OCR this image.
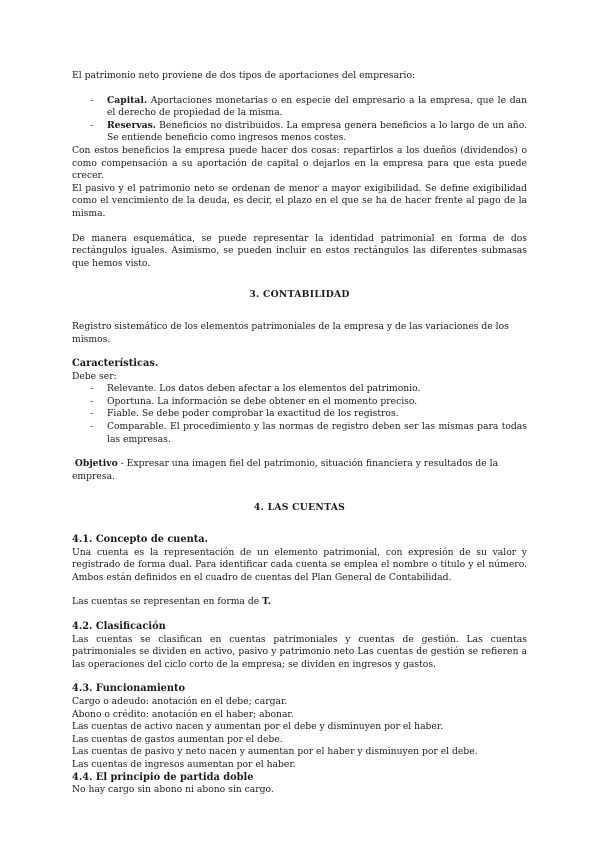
El patrimonio neto proviene de dos tipos de aportaciones del empresario:

- Capital. Aportaciones monetarias o en especie del empresario a la empresa, que le dan el derecho de propiedad de la misma.
- Reservas. Beneficios no distribuidos. La empresa genera beneficios a lo largo de un año. Se entiende beneficio como ingresos menos costes.

Con estos beneficios la empresa puede hacer dos cosas: repartirlos a los dueños (dividendos) o como compensación a su aportación de capital o dejarlos en la empresa para que esta puede crecer.

El pasivo y el patrimonio neto se ordenan de menor a mayor exigibilidad. Se define exigibilidad como el vencimiento de la deuda, es decir, el plazo en el que se ha de hacer frente al pago de la misma.

De manera esquemática, se puede representar la identidad patrimonial en forma de dos rectángulos iguales. Asimismo, se pueden incluir en estos rectángulos las diferentes submasas que hemos visto.

3. CONTABILIDAD

Registro sistemático de los elementos patrimoniales de la empresa y de las variaciones de los mismos.

Características.

Debe ser:

- Relevante. Los datos deben afectar a los elementos del patrimonio.
- Oportuna. La información se debe obtener en el momento preciso.
- Fiable. Se debe poder comprobar la exactitud de los registros.
- Comparable. El procedimiento y las normas de registro deben ser las mismas para todas las empresas.

Objetivo - Expresar una imagen fiel del patrimonio, situación financiera y resultados de la empresa.

4. LAS CUENTAS

4.1. Concepto de cuenta.

Una cuenta es la representación de un elemento patrimonial, con expresión de su valor y registrado de forma dual. Para identificar cada cuenta se emplea el nombre o título y el número. Ambos están definidos en el cuadro de cuentas del Plan General de Contabilidad.

Las cuentas se representan en forma de T.

4.2. Clasificación

Las cuentas se clasifican en cuentas patrimoniales y cuentas de gestión. Las cuentas patrimoniales se dividen en activo, pasivo y patrimonio neto Las cuentas de gestión se refieren a las operaciones del ciclo corto de la empresa; se dividen en ingresos y gastos.

4.3. Funcionamiento

Cargo o adeudo: anotación en el debe; cargar.

Abono o crédito: anotación en el haber; abonar.

Las cuentas de activo nacen y aumentan por el debe y disminuyen por el haber.

Las cuentas de gastos aumentan por el debe.

Las cuentas de pasivo y neto nacen y aumentan por el haber y disminuyen por el debe.

Las cuentas de ingresos aumentan por el haber.

4.4. El principio de partida doble

No hay cargo sin abono ni abono sin cargo.
